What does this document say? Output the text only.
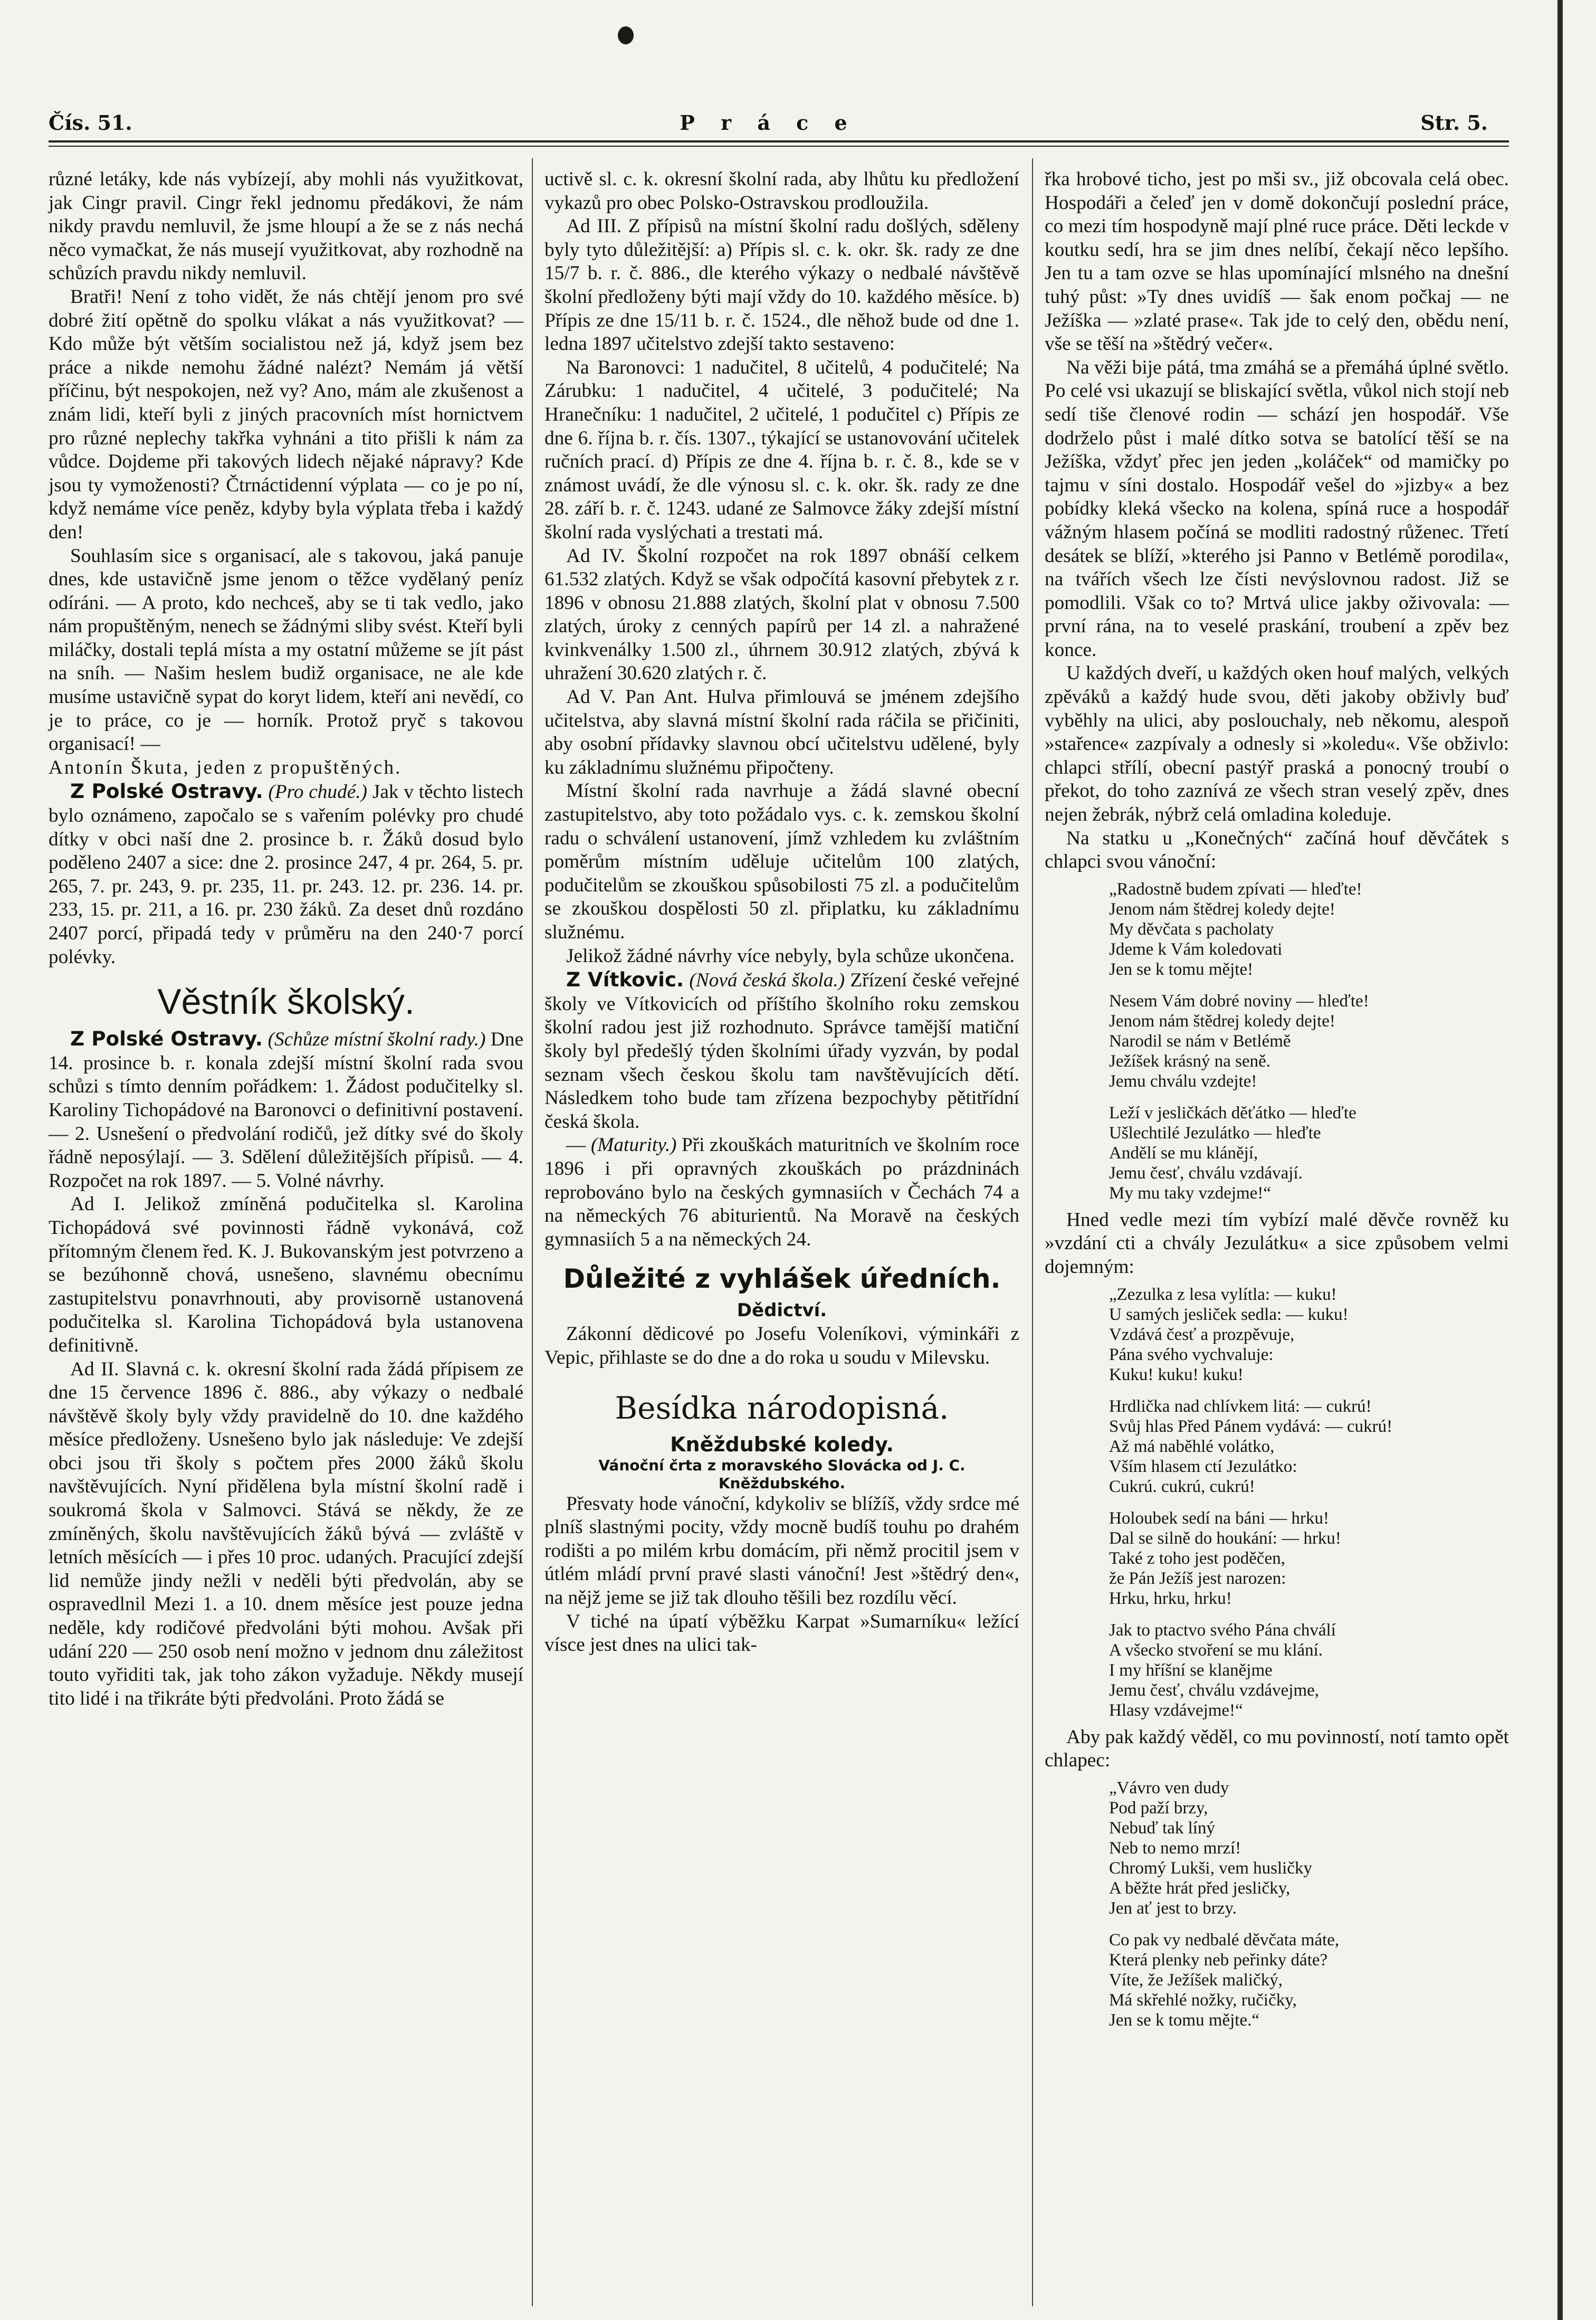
Čís. 51.	P r á c e	Str. 5.

různé letáky, kde nás vybízejí, aby mohli nás využitkovat, jak Cingr pravil. Cingr řekl jednomu předákovi, že nám nikdy pravdu nemluvil, že jsme hloupí a že se z nás nechá něco vymačkat, že nás musejí využitkovat, aby rozhodně na schůzích pravdu nikdy nemluvil.

Bratři! Není z toho vidět, že nás chtějí jenom pro své dobré žití opětně do spolku vlákat a nás využitkovat? — Kdo může být větším socialistou než já, když jsem bez práce a nikde nemohu žádné nalézt? Nemám já větší příčinu, být nespokojen, než vy? Ano, mám ale zkušenost a znám lidi, kteří byli z jiných pracovních míst hornictvem pro různé neplechy takřka vyhnáni a tito přišli k nám za vůdce. Dojdeme při takových lidech nějaké nápravy? Kde jsou ty vymoženosti? Čtrnáctidenní výplata — co je po ní, když nemáme více peněz, kdyby byla výplata třeba i každý den!

Souhlasím sice s organisací, ale s takovou, jaká panuje dnes, kde ustavičně jsme jenom o těžce vydělaný peníz odíráni. — A proto, kdo nechceš, aby se ti tak vedlo, jako nám propuštěným, nenech se žádnými sliby svést. Kteří byli miláčky, dostali teplá místa a my ostatní můžeme se jít pást na sníh. — Našim heslem budiž organisace, ne ale kde musíme ustavičně sypat do koryt lidem, kteří ani nevědí, co je to práce, co je — horník. Protož pryč s takovou organisací! —

Antonín Škuta, jeden z propuštěných.

Z Polské Ostravy. (Pro chudé.) Jak v těchto listech bylo oznámeno, započalo se s vařením polévky pro chudé dítky v obci naší dne 2. prosince b. r. Žáků dosud bylo poděleno 2407 a sice: dne 2. prosince 247, 4 pr. 264, 5. pr. 265, 7. pr. 243, 9. pr. 235, 11. pr. 243. 12. pr. 236. 14. pr. 233, 15. pr. 211, a 16. pr. 230 žáků. Za deset dnů rozdáno 2407 porcí, připadá tedy v průměru na den 240·7 porcí polévky.

Věstník školský.

Z Polské Ostravy. (Schůze místní školní rady.) Dne 14. prosince b. r. konala zdejší místní školní rada svou schůzi s tímto denním pořádkem: 1. Žádost podučitelky sl. Karoliny Tichopádové na Baronovci o definitivní postavení. — 2. Usnešení o předvolání rodičů, jež dítky své do školy řádně neposýlají. — 3. Sdělení důležitějších přípisů. — 4. Rozpočet na rok 1897. — 5. Volné návrhy.

Ad I. Jelikož zmíněná podučitelka sl. Karolina Tichopádová své povinnosti řádně vykonává, což přítomným členem řed. K. J. Bukovanským jest potvrzeno a se bezúhonně chová, usnešeno, slavnému obecnímu zastupitelstvu ponavrhnouti, aby provisorně ustanovená podučitelka sl. Karolina Tichopádová byla ustanovena definitivně.

Ad II. Slavná c. k. okresní školní rada žádá přípisem ze dne 15 července 1896 č. 886., aby výkazy o nedbalé návštěvě školy byly vždy pravidelně do 10. dne každého měsíce předloženy. Usnešeno bylo jak následuje: Ve zdejší obci jsou tři školy s počtem přes 2000 žáků školu navštěvujících. Nyní přidělena byla místní školní radě i soukromá škola v Salmovci. Stává se někdy, že ze zmíněných, školu navštěvujících žáků bývá — zvláště v letních měsících — i přes 10 proc. udaných. Pracující zdejší lid nemůže jindy nežli v neděli býti předvolán, aby se ospravedlnil Mezi 1. a 10. dnem měsíce jest pouze jedna neděle, kdy rodičové předvoláni býti mohou. Avšak při udání 220 — 250 osob není možno v jednom dnu záležitost touto vyřiditi tak, jak toho zákon vyžaduje. Někdy musejí tito lidé i na třikráte býti předvoláni. Proto žádá se

uctivě sl. c. k. okresní školní rada, aby lhůtu ku předložení vykazů pro obec Polsko-Ostravskou prodloužila.

Ad III. Z přípisů na místní školní radu došlých, sděleny byly tyto důležitější: a) Přípis sl. c. k. okr. šk. rady ze dne 15/7 b. r. č. 886., dle kterého výkazy o nedbalé návštěvě školní předloženy býti mají vždy do 10. každého měsíce. b) Přípis ze dne 15/11 b. r. č. 1524., dle něhož bude od dne 1. ledna 1897 učitelstvo zdejší takto sestaveno:

Na Baronovci: 1 nadučitel, 8 učitelů, 4 podučitelé; Na Zárubku: 1 nadučitel, 4 učitelé, 3 podučitelé; Na Hranečníku: 1 nadučitel, 2 učitelé, 1 podučitel c) Přípis ze dne 6. října b. r. čís. 1307., týkající se ustanovování učitelek ručních prací. d) Přípis ze dne 4. října b. r. č. 8., kde se v známost uvádí, že dle výnosu sl. c. k. okr. šk. rady ze dne 28. září b. r. č. 1243. udané ze Salmovce žáky zdejší místní školní rada vyslýchati a trestati má.

Ad IV. Školní rozpočet na rok 1897 obnáší celkem 61.532 zlatých. Když se však odpočítá kasovní přebytek z r. 1896 v obnosu 21.888 zlatých, školní plat v obnosu 7.500 zlatých, úroky z cenných papírů per 14 zl. a nahražené kvinkvenálky 1.500 zl., úhrnem 30.912 zlatých, zbývá k uhražení 30.620 zlatých r. č.

Ad V. Pan Ant. Hulva přimlouvá se jménem zdejšího učitelstva, aby slavná místní školní rada ráčila se přičiniti, aby osobní přídavky slavnou obcí učitelstvu udělené, byly ku základnímu služnému připočteny.

Místní školní rada navrhuje a žádá slavné obecní zastupitelstvo, aby toto požádalo vys. c. k. zemskou školní radu o schválení ustanovení, jímž vzhledem ku zvláštním poměrům místním uděluje učitelům 100 zlatých, podučitelům se zkouškou spůsobilosti 75 zl. a podučitelům se zkouškou dospělosti 50 zl. připlatku, ku základnímu služnému.

Jelikož žádné návrhy více nebyly, byla schůze ukončena.

Z Vítkovic. (Nová česká škola.) Zřízení české veřejné školy ve Vítkovicích od příštího školního roku zemskou školní radou jest již rozhodnuto. Správce tamější matiční školy byl předešlý týden školními úřady vyzván, by podal seznam všech českou školu tam navštěvujících dětí. Následkem toho bude tam zřízena bezpochyby pětitřídní česká škola.

— (Maturity.) Při zkouškách maturitních ve školním roce 1896 i při opravných zkouškách po prázdninách reprobováno bylo na českých gymnasiích v Čechách 74 a na německých 76 abiturientů. Na Moravě na českých gymnasiích 5 a na německých 24.

Důležité z vyhlášek úředních.
Dědictví.

Zákonní dědicové po Josefu Voleníkovi, výminkáři z Vepic, přihlaste se do dne a do roka u soudu v Milevsku.

Besídka národopisná.
Kněždubské koledy.
Vánoční črta z moravského Slovácka od J. C. Kněždubského.

Přesvaty hode vánoční, kdykoliv se blížíš, vždy srdce mé plníš slastnými pocity, vždy mocně budíš touhu po drahém rodišti a po milém krbu domácím, při němž procitil jsem v útlém mládí první pravé slasti vánoční! Jest »štědrý den«, na nějž jeme se již tak dlouho těšili bez rozdílu věcí.

V tiché na úpatí výběžku Karpat »Sumarníku« ležící vísce jest dnes na ulici tak-

řka hrobové ticho, jest po mši sv., již obcovala celá obec. Hospodáři a čeleď jen v domě dokončují poslední práce, co mezi tím hospodyně mají plné ruce práce. Děti leckde v koutku sedí, hra se jim dnes nelíbí, čekají něco lepšího. Jen tu a tam ozve se hlas upomínající mlsného na dnešní tuhý půst: »Ty dnes uvidíš — šak enom počkaj — ne Ježíška — »zlaté prase«. Tak jde to celý den, obědu není, vše se těší na »štědrý večer«.

Na věži bije pátá, tma zmáhá se a přemáhá úplné světlo. Po celé vsi ukazují se bliskající světla, vůkol nich stojí neb sedí tiše členové rodin — schází jen hospodář. Vše dodrželo půst i malé dítko sotva se batolící těší se na Ježíška, vždyť přec jen jeden „koláček“ od mamičky po tajmu v síni dostalo. Hospodář vešel do »jizby« a bez pobídky kleká všecko na kolena, spíná ruce a hospodář vážným hlasem počíná se modliti radostný růženec. Třetí desátek se blíží, »kterého jsi Panno v Betlémě porodila«, na tvářích všech lze čísti nevýslovnou radost. Již se pomodlili. Však co to? Mrtvá ulice jakby oživovala: — první rána, na to veselé praskání, troubení a zpěv bez konce.

U každých dveří, u každých oken houf malých, velkých zpěváků a každý hude svou, děti jakoby obživly buď vyběhly na ulici, aby poslouchaly, neb někomu, alespoň »stařence« zazpívaly a odnesly si »koledu«. Vše obživlo: chlapci střílí, obecní pastýř praská a ponocný troubí o překot, do toho zaznívá ze všech stran veselý zpěv, dnes nejen žebrák, nýbrž celá omladina koleduje.

Na statku u „Konečných“ začíná houf děvčátek s chlapci svou vánoční:

„Radostně budem zpívati — hleďte!
Jenom nám štědrej koledy dejte!
My děvčata s pacholaty
Jdeme k Vám koledovati
Jen se k tomu mějte!
Nesem Vám dobré noviny — hleďte!
Jenom nám štědrej koledy dejte!
Narodil se nám v Betlémě
Ježíšek krásný na seně.
Jemu chválu vzdejte!
Leží v jesličkách děťátko — hleďte
Ušlechtilé Jezulátko — hleďte
Andělí se mu klánějí,
Jemu česť, chválu vzdávají.
My mu taky vzdejme!“

Hned vedle mezi tím vybízí malé děvče rovněž ku »vzdání cti a chvály Jezulátku« a sice způsobem velmi dojemným:

„Zezulka z lesa vylítla: — kuku!
U samých jesliček sedla: — kuku!
Vzdává česť a prozpěvuje,
Pána svého vychvaluje:
Kuku! kuku! kuku!
Hrdlička nad chlívkem litá: — cukrú!
Svůj hlas Před Pánem vydává: — cukrú!
Až má naběhlé volátko,
Vším hlasem ctí Jezulátko:
Cukrú. cukrú, cukrú!
Holoubek sedí na báni — hrku!
Dal se silně do houkání: — hrku!
Také z toho jest poděčen,
že Pán Ježíš jest narozen:
Hrku, hrku, hrku!
Jak to ptactvo svého Pána chválí
A všecko stvoření se mu klání.
I my hříšní se klanějme
Jemu česť, chválu vzdávejme,
Hlasy vzdávejme!“

Aby pak každý věděl, co mu povinností, notí tamto opět chlapec:

„Vávro ven dudy
Pod paží brzy,
Nebuď tak líný
Neb to nemo mrzí!
Chromý Lukši, vem husličky
A běžte hrát před jesličky,
Jen ať jest to brzy.
Co pak vy nedbalé děvčata máte,
Která plenky neb peřinky dáte?
Víte, že Ježíšek maličký,
Má skřehlé nožky, ručičky,
Jen se k tomu mějte.“
